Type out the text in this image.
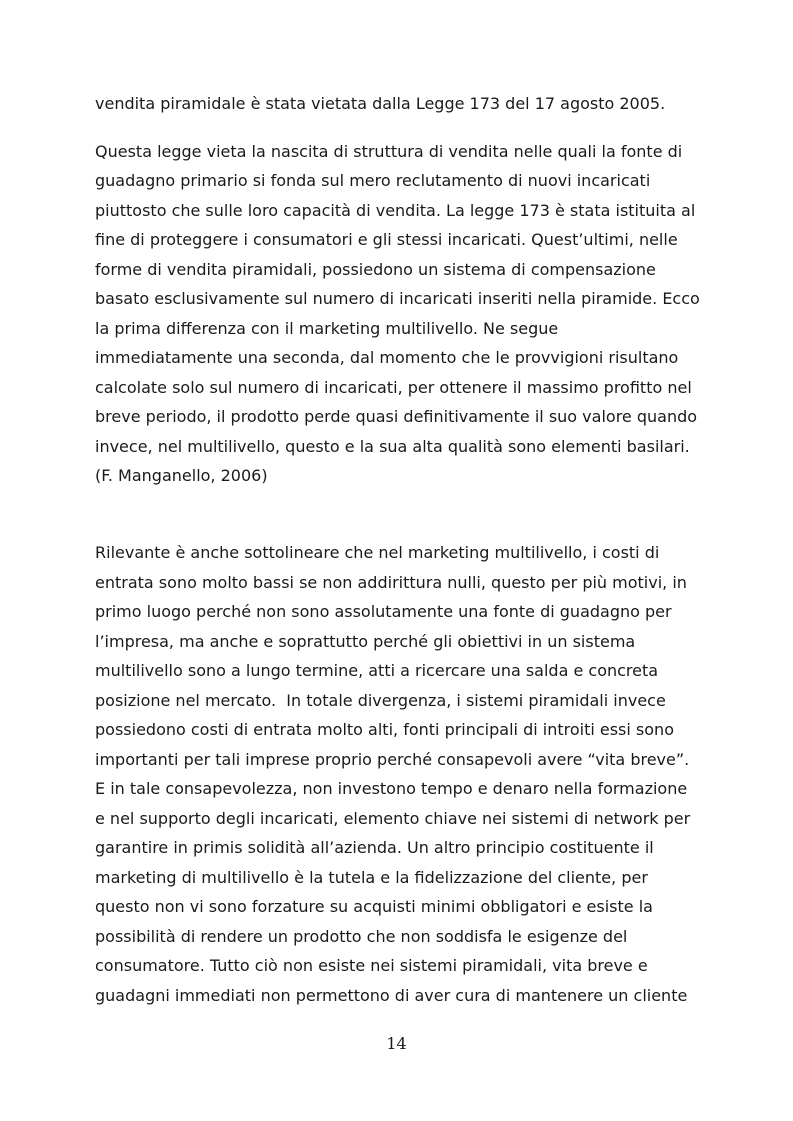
vendita piramidale è stata vietata dalla Legge 173 del 17 agosto 2005.
Questa legge vieta la nascita di struttura di vendita nelle quali la fonte di
guadagno primario si fonda sul mero reclutamento di nuovi incaricati
piuttosto che sulle loro capacità di vendita. La legge 173 è stata istituita al
fine di proteggere i consumatori e gli stessi incaricati. Quest’ultimi, nelle
forme di vendita piramidali, possiedono un sistema di compensazione
basato esclusivamente sul numero di incaricati inseriti nella piramide. Ecco
la prima differenza con il marketing multilivello. Ne segue
immediatamente una seconda, dal momento che le provvigioni risultano
calcolate solo sul numero di incaricati, per ottenere il massimo profitto nel
breve periodo, il prodotto perde quasi definitivamente il suo valore quando
invece, nel multilivello, questo e la sua alta qualità sono elementi basilari.
(F. Manganello, 2006)
Rilevante è anche sottolineare che nel marketing multilivello, i costi di
entrata sono molto bassi se non addirittura nulli, questo per più motivi, in
primo luogo perché non sono assolutamente una fonte di guadagno per
l’impresa, ma anche e soprattutto perché gli obiettivi in un sistema
multilivello sono a lungo termine, atti a ricercare una salda e concreta
posizione nel mercato.  In totale divergenza, i sistemi piramidali invece
possiedono costi di entrata molto alti, fonti principali di introiti essi sono
importanti per tali imprese proprio perché consapevoli avere “vita breve”.
E in tale consapevolezza, non investono tempo e denaro nella formazione
e nel supporto degli incaricati, elemento chiave nei sistemi di network per
garantire in primis solidità all’azienda. Un altro principio costituente il
marketing di multilivello è la tutela e la fidelizzazione del cliente, per
questo non vi sono forzature su acquisti minimi obbligatori e esiste la
possibilità di rendere un prodotto che non soddisfa le esigenze del
consumatore. Tutto ciò non esiste nei sistemi piramidali, vita breve e
guadagni immediati non permettono di aver cura di mantenere un cliente
14
